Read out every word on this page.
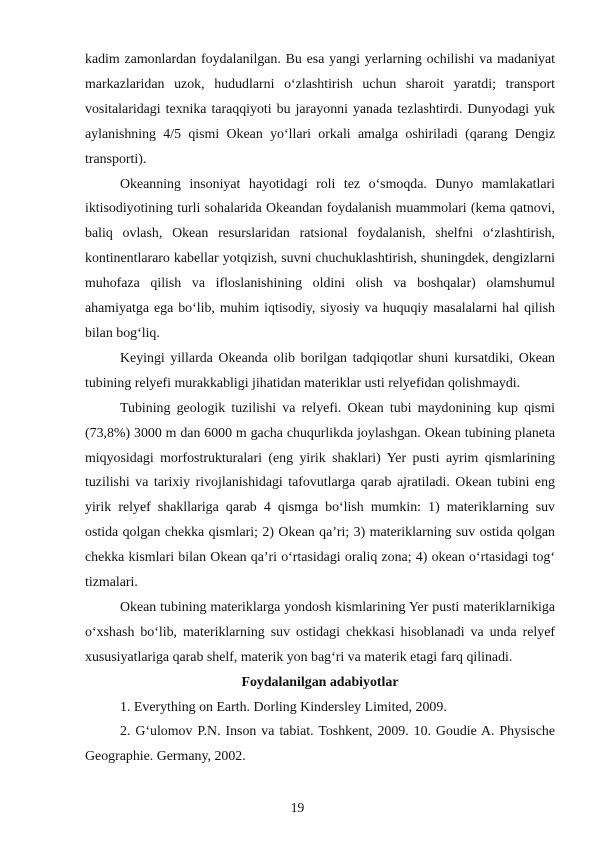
kadim zamonlardan foydalanilgan. Bu esa yangi yerlarning ochilishi va madaniyat markazlaridan uzok, hududlarni o‘zlashtirish uchun sharoit yaratdi; transport vositalaridagi texnika taraqqiyoti bu jarayonni yanada tezlashtirdi. Dunyodagi yuk aylanishning 4/5 qismi Okean yo‘llari orkali amalga oshiriladi (qarang Dengiz transporti).

Okeanning insoniyat hayotidagi roli tez o‘smoqda. Dunyo mamlakatlari iktisodiyotining turli sohalarida Okeandan foydalanish muammolari (kema qatnovi, baliq ovlash, Okean resurslaridan ratsional foydalanish, shelfni o‘zlashtirish, kontinentlararo kabellar yotqizish, suvni chuchuklashtirish, shuningdek, dengizlarni muhofaza qilish va ifloslanishining oldini olish va boshqalar) olamshumul ahamiyatga ega bo‘lib, muhim iqtisodiy, siyosiy va huquqiy masalalarni hal qilish bilan bog‘liq.

Keyingi yillarda Okeanda olib borilgan tadqiqotlar shuni kursatdiki, Okean tubining relyefi murakkabligi jihatidan materiklar usti relyefidan qolishmaydi.

Tubining geologik tuzilishi va relyefi. Okean tubi maydonining kup qismi (73,8%) 3000 m dan 6000 m gacha chuqurlikda joylashgan. Okean tubining planeta miqyosidagi morfostrukturalari (eng yirik shaklari) Yer pusti ayrim qismlarining tuzilishi va tarixiy rivojlanishidagi tafovutlarga qarab ajratiladi. Okean tubini eng yirik relyef shakllariga qarab 4 qismga bo‘lish mumkin: 1) materiklarning suv ostida qolgan chekka qismlari; 2) Okean qa’ri; 3) materiklarning suv ostida qolgan chekka kismlari bilan Okean qa’ri o‘rtasidagi oraliq zona; 4) okean o‘rtasidagi tog‘ tizmalari.

Okean tubining materiklarga yondosh kismlarining Yer pusti materiklarnikiga o‘xshash bo‘lib, materiklarning suv ostidagi chekkasi hisoblanadi va unda relyef xususiyatlariga qarab shelf, materik yon bag‘ri va materik etagi farq qilinadi.

Foydalanilgan adabiyotlar

1. Everything on Earth. Dorling Kindersley Limited, 2009.

2. G‘ulomov P.N. Inson va tabiat. Toshkent, 2009. 10. Goudie A. Physische Geographie. Germany, 2002.

19
